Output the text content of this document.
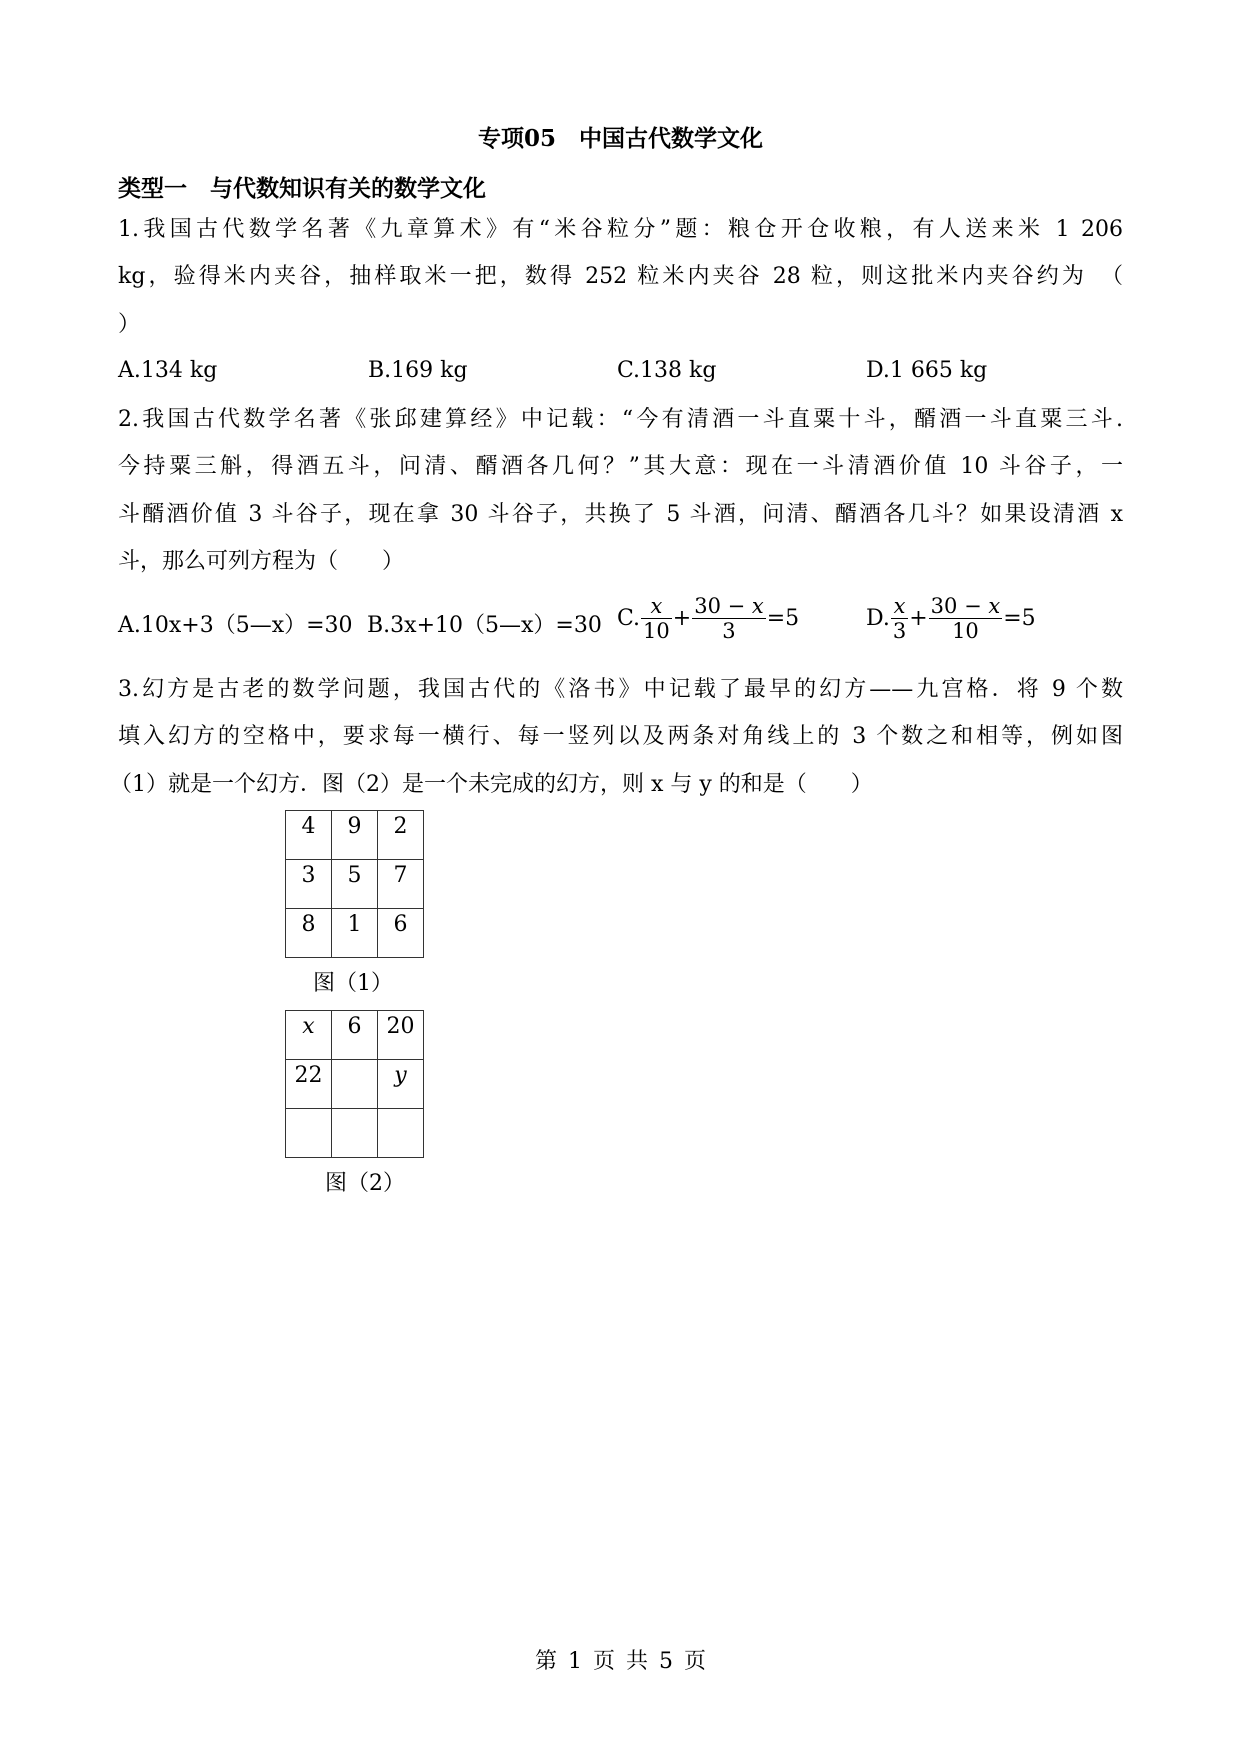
专项05　中国古代数学文化
类型一　与代数知识有关的数学文化
1.我国古代数学名著《九章算术》有“米谷粒分”题：粮仓开仓收粮，有人送来米 1 206
kg，验得米内夹谷，抽样取米一把，数得 252 粒米内夹谷 28 粒，则这批米内夹谷约为　（
）
A.134 kg	B.169 kg	C.138 kg	D.1 665 kg
2.我国古代数学名著《张邱建算经》中记载：“今有清酒一斗直粟十斗，醑酒一斗直粟三斗.
今持粟三斛，得酒五斗，问清、醑酒各几何？”其大意：现在一斗清酒价值 10 斗谷子，一
斗醑酒价值 3 斗谷子，现在拿 30 斗谷子，共换了 5 斗酒，问清、醑酒各几斗？如果设清酒 x
斗，那么可列方程为（　　）
A.10x+3（5—x）=30 B.3x+10（5—x）=30 C. $\frac{x}{10} + \frac{30 - x}{3} =5$	D. $\frac{x}{3} + \frac{30 - x}{10} =5$
3.幻方是古老的数学问题，我国古代的《洛书》中记载了最早的幻方——九宫格．将 9 个数
填入幻方的空格中，要求每一横行、每一竖列以及两条对角线上的 3 个数之和相等，例如图
（1）就是一个幻方．图（2）是一个未完成的幻方，则 x 与 y 的和是（　　）
4	9	2
3	5	7
8	1	6
图（1）
x	6	20
22		y

图（2）
第 1 页 共 5 页
